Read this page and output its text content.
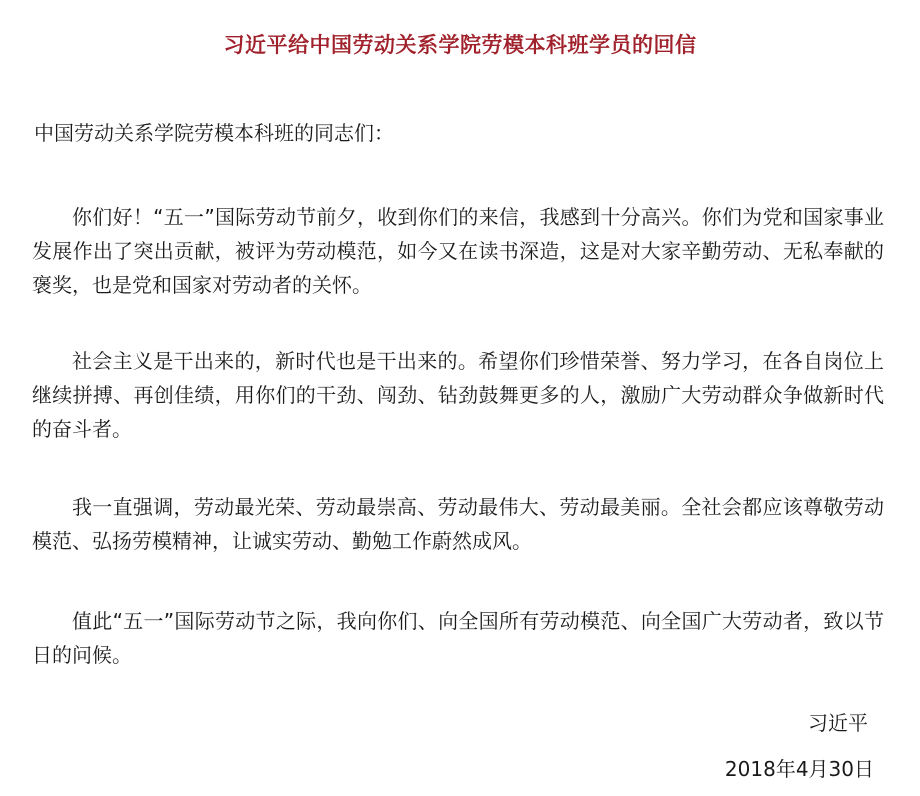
习近平给中国劳动关系学院劳模本科班学员的回信
中国劳动关系学院劳模本科班的同志们：

你们好！“五一”国际劳动节前夕，收到你们的来信，我感到十分高兴。你们为党和国家事业发展作出了突出贡献，被评为劳动模范，如今又在读书深造，这是对大家辛勤劳动、无私奉献的褒奖，也是党和国家对劳动者的关怀。

社会主义是干出来的，新时代也是干出来的。希望你们珍惜荣誉、努力学习，在各自岗位上继续拼搏、再创佳绩，用你们的干劲、闯劲、钻劲鼓舞更多的人，激励广大劳动群众争做新时代的奋斗者。

我一直强调，劳动最光荣、劳动最崇高、劳动最伟大、劳动最美丽。全社会都应该尊敬劳动模范、弘扬劳模精神，让诚实劳动、勤勉工作蔚然成风。

值此“五一”国际劳动节之际，我向你们、向全国所有劳动模范、向全国广大劳动者，致以节日的问候。

习近平
2018年4月30日
